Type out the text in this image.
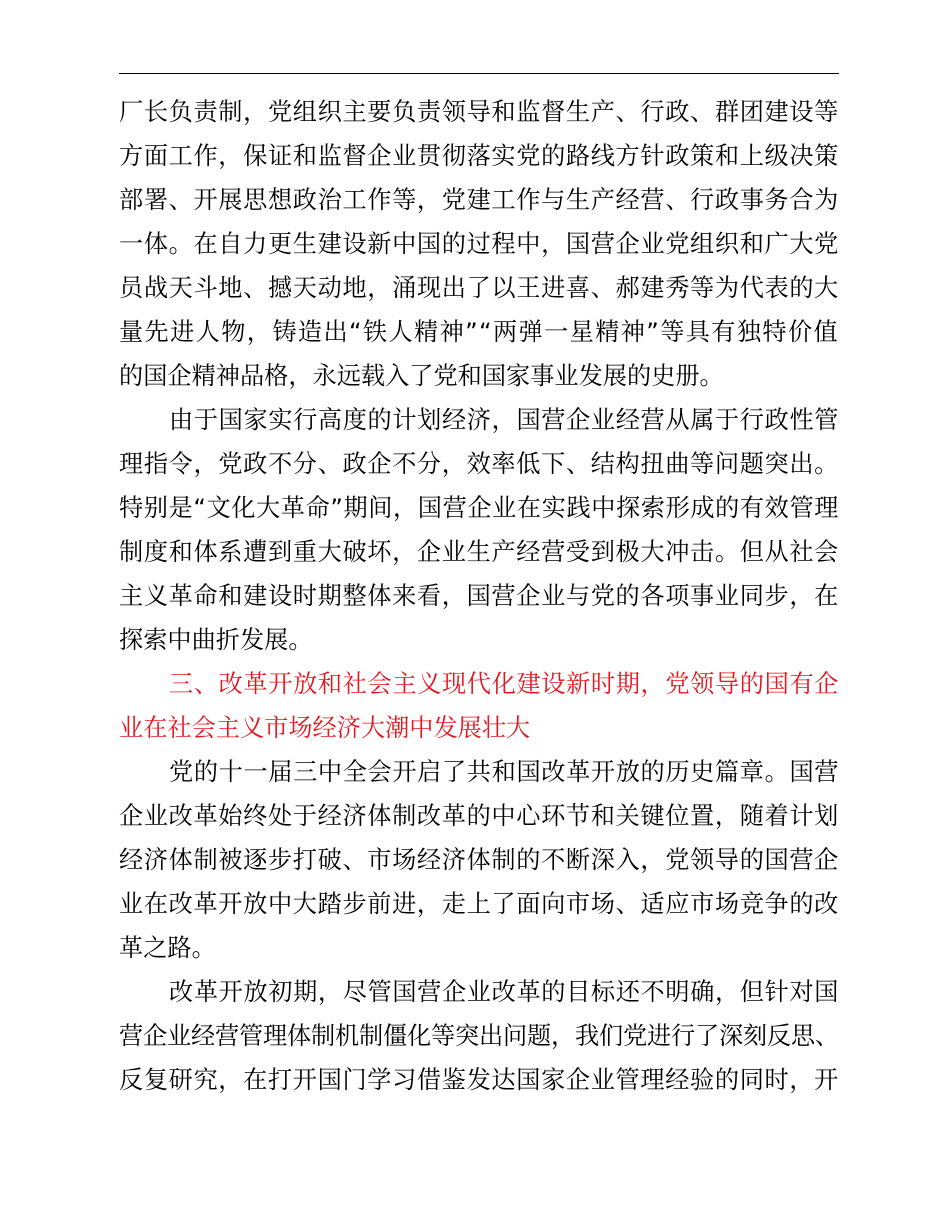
厂长负责制，党组织主要负责领导和监督生产、行政、群团建设等
方面工作，保证和监督企业贯彻落实党的路线方针政策和上级决策
部署、开展思想政治工作等，党建工作与生产经营、行政事务合为
一体。在自力更生建设新中国的过程中，国营企业党组织和广大党
员战天斗地、撼天动地，涌现出了以王进喜、郝建秀等为代表的大
量先进人物，铸造出“铁人精神”“两弹一星精神”等具有独特价值
的国企精神品格，永远载入了党和国家事业发展的史册。
由于国家实行高度的计划经济，国营企业经营从属于行政性管
理指令，党政不分、政企不分，效率低下、结构扭曲等问题突出。
特别是“文化大革命”期间，国营企业在实践中探索形成的有效管理
制度和体系遭到重大破坏，企业生产经营受到极大冲击。但从社会
主义革命和建设时期整体来看，国营企业与党的各项事业同步，在
探索中曲折发展。
三、改革开放和社会主义现代化建设新时期，党领导的国有企
业在社会主义市场经济大潮中发展壮大
党的十一届三中全会开启了共和国改革开放的历史篇章。国营
企业改革始终处于经济体制改革的中心环节和关键位置，随着计划
经济体制被逐步打破、市场经济体制的不断深入，党领导的国营企
业在改革开放中大踏步前进，走上了面向市场、适应市场竞争的改
革之路。
改革开放初期，尽管国营企业改革的目标还不明确，但针对国
营企业经营管理体制机制僵化等突出问题，我们党进行了深刻反思、
反复研究，在打开国门学习借鉴发达国家企业管理经验的同时，开
